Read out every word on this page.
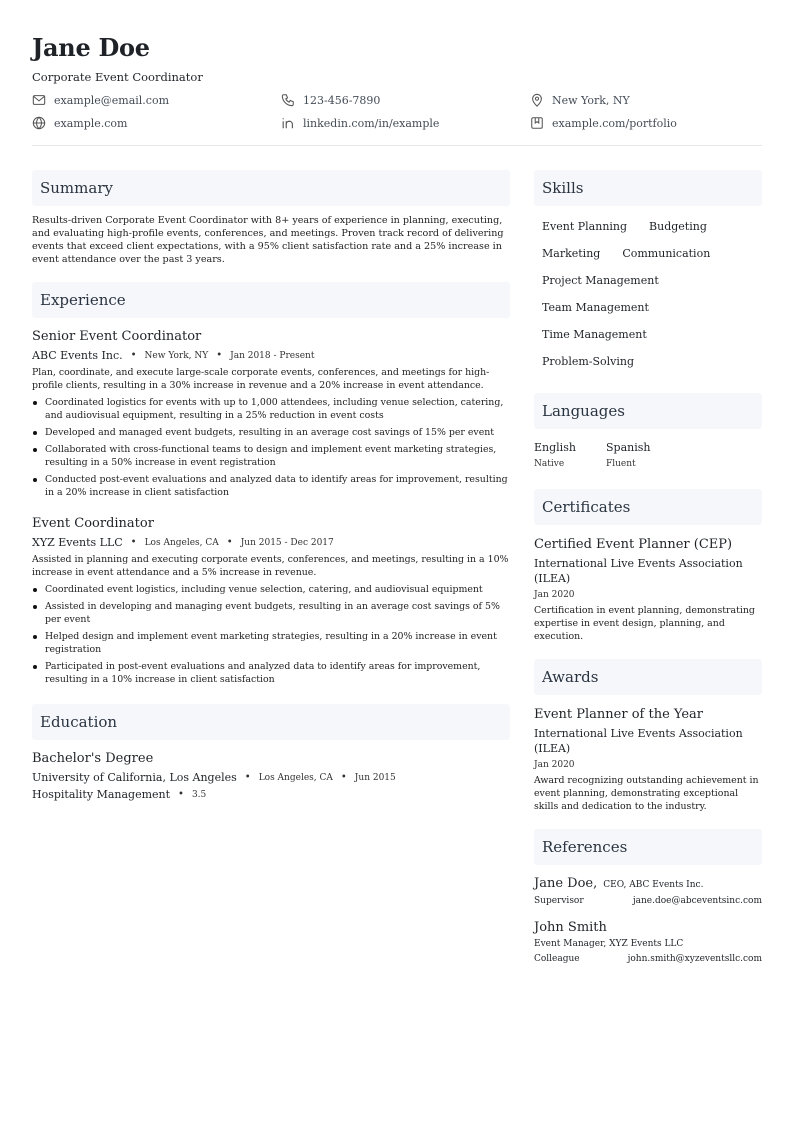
Jane Doe
Corporate Event Coordinator
example@email.com	123-456-7890	New York, NY
example.com	linkedin.com/in/example	example.com/portfolio
Summary
Results-driven Corporate Event Coordinator with 8+ years of experience in planning, executing, and evaluating high-profile events, conferences, and meetings. Proven track record of delivering events that exceed client expectations, with a 95% client satisfaction rate and a 25% increase in event attendance over the past 3 years.
Experience
Senior Event Coordinator
ABC Events Inc. • New York, NY • Jan 2018 - Present
Plan, coordinate, and execute large-scale corporate events, conferences, and meetings for high-profile clients, resulting in a 30% increase in revenue and a 20% increase in event attendance.
Coordinated logistics for events with up to 1,000 attendees, including venue selection, catering, and audiovisual equipment, resulting in a 25% reduction in event costs
Developed and managed event budgets, resulting in an average cost savings of 15% per event
Collaborated with cross-functional teams to design and implement event marketing strategies, resulting in a 50% increase in event registration
Conducted post-event evaluations and analyzed data to identify areas for improvement, resulting in a 20% increase in client satisfaction
Event Coordinator
XYZ Events LLC • Los Angeles, CA • Jun 2015 - Dec 2017
Assisted in planning and executing corporate events, conferences, and meetings, resulting in a 10% increase in event attendance and a 5% increase in revenue.
Coordinated event logistics, including venue selection, catering, and audiovisual equipment
Assisted in developing and managing event budgets, resulting in an average cost savings of 5% per event
Helped design and implement event marketing strategies, resulting in a 20% increase in event registration
Participated in post-event evaluations and analyzed data to identify areas for improvement, resulting in a 10% increase in client satisfaction
Education
Bachelor's Degree
University of California, Los Angeles • Los Angeles, CA • Jun 2015
Hospitality Management • 3.5
Skills
Event Planning Budgeting
Marketing Communication
Project Management
Team Management
Time Management
Problem-Solving
Languages
English
Native
Spanish
Fluent
Certificates
Certified Event Planner (CEP)
International Live Events Association (ILEA)
Jan 2020
Certification in event planning, demonstrating expertise in event design, planning, and execution.
Awards
Event Planner of the Year
International Live Events Association (ILEA)
Jan 2020
Award recognizing outstanding achievement in event planning, demonstrating exceptional skills and dedication to the industry.
References
Jane Doe, CEO, ABC Events Inc.
Supervisor	jane.doe@abceventsinc.com
John Smith
Event Manager, XYZ Events LLC
Colleague	john.smith@xyzeventsllc.com
